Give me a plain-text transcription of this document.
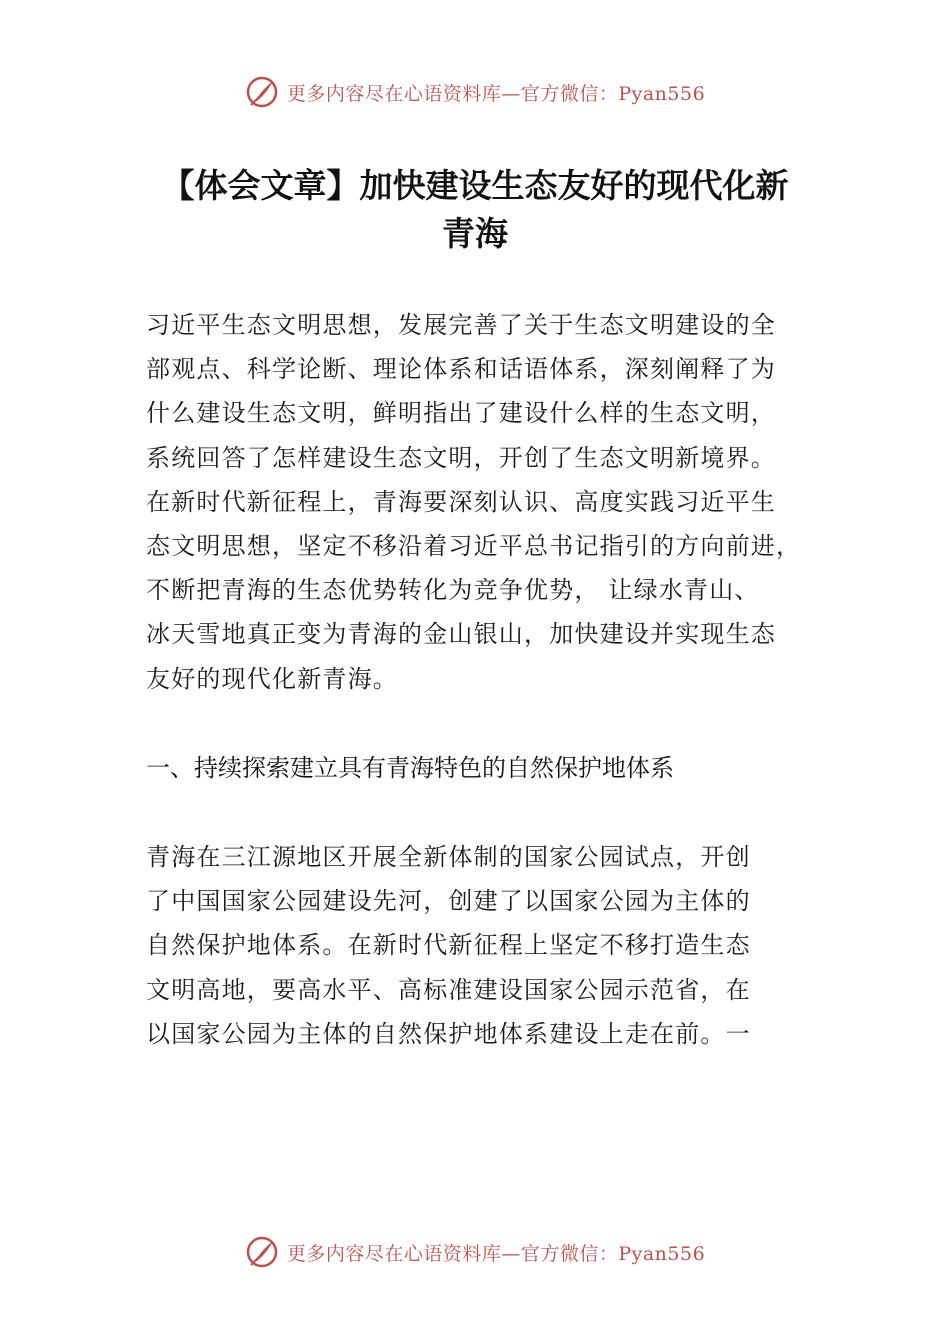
更多内容尽在心语资料库—官方微信：Pyan556
【体会文章】加快建设生态友好的现代化新
青海
习近平生态文明思想，发展完善了关于生态文明建设的全
部观点、科学论断、理论体系和话语体系，深刻阐释了为
什么建设生态文明，鲜明指出了建设什么样的生态文明，
系统回答了怎样建设生态文明，开创了生态文明新境界。
在新时代新征程上，青海要深刻认识、高度实践习近平生
态文明思想，坚定不移沿着习近平总书记指引的方向前进，
不断把青海的生态优势转化为竞争优势， 让绿水青山、
冰天雪地真正变为青海的金山银山，加快建设并实现生态
友好的现代化新青海。
一、持续探索建立具有青海特色的自然保护地体系
青海在三江源地区开展全新体制的国家公园试点，开创
了中国国家公园建设先河，创建了以国家公园为主体的
自然保护地体系。在新时代新征程上坚定不移打造生态
文明高地，要高水平、高标准建设国家公园示范省，在
以国家公园为主体的自然保护地体系建设上走在前。一
更多内容尽在心语资料库—官方微信：Pyan556
